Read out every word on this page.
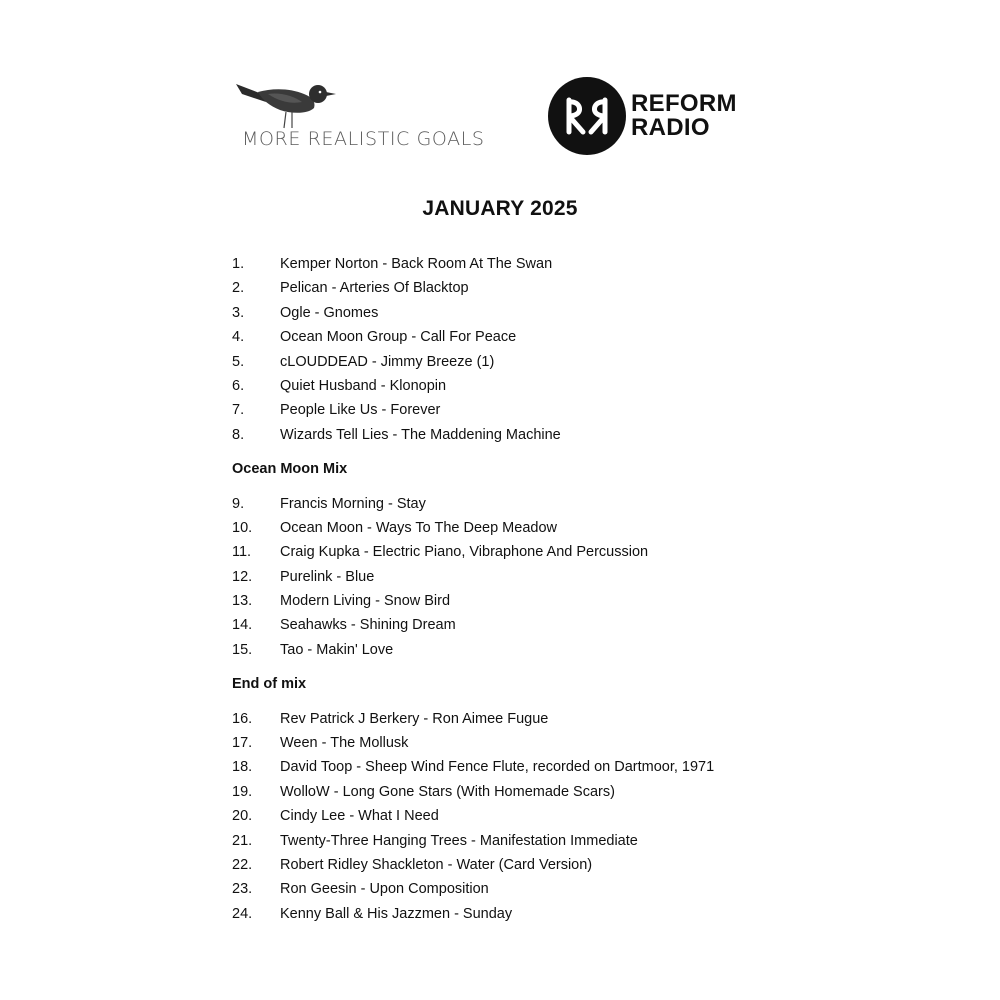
MORE REALISTIC GOALS
REFORM
RADIO
JANUARY 2025
1. Kemper Norton - Back Room At The Swan
2. Pelican - Arteries Of Blacktop
3. Ogle - Gnomes
4. Ocean Moon Group - Call For Peace
5. cLOUDDEAD - Jimmy Breeze (1)
6. Quiet Husband - Klonopin
7. People Like Us - Forever
8. Wizards Tell Lies - The Maddening Machine
Ocean Moon Mix
9. Francis Morning - Stay
10. Ocean Moon - Ways To The Deep Meadow
11. Craig Kupka - Electric Piano, Vibraphone And Percussion
12. Purelink - Blue
13. Modern Living - Snow Bird
14. Seahawks - Shining Dream
15. Tao - Makin' Love
End of mix
16. Rev Patrick J Berkery - Ron Aimee Fugue
17. Ween - The Mollusk
18. David Toop - Sheep Wind Fence Flute, recorded on Dartmoor, 1971
19. WolloW - Long Gone Stars (With Homemade Scars)
20. Cindy Lee - What I Need
21. Twenty-Three Hanging Trees - Manifestation Immediate
22. Robert Ridley Shackleton - Water (Card Version)
23. Ron Geesin - Upon Composition
24. Kenny Ball & His Jazzmen - Sunday
